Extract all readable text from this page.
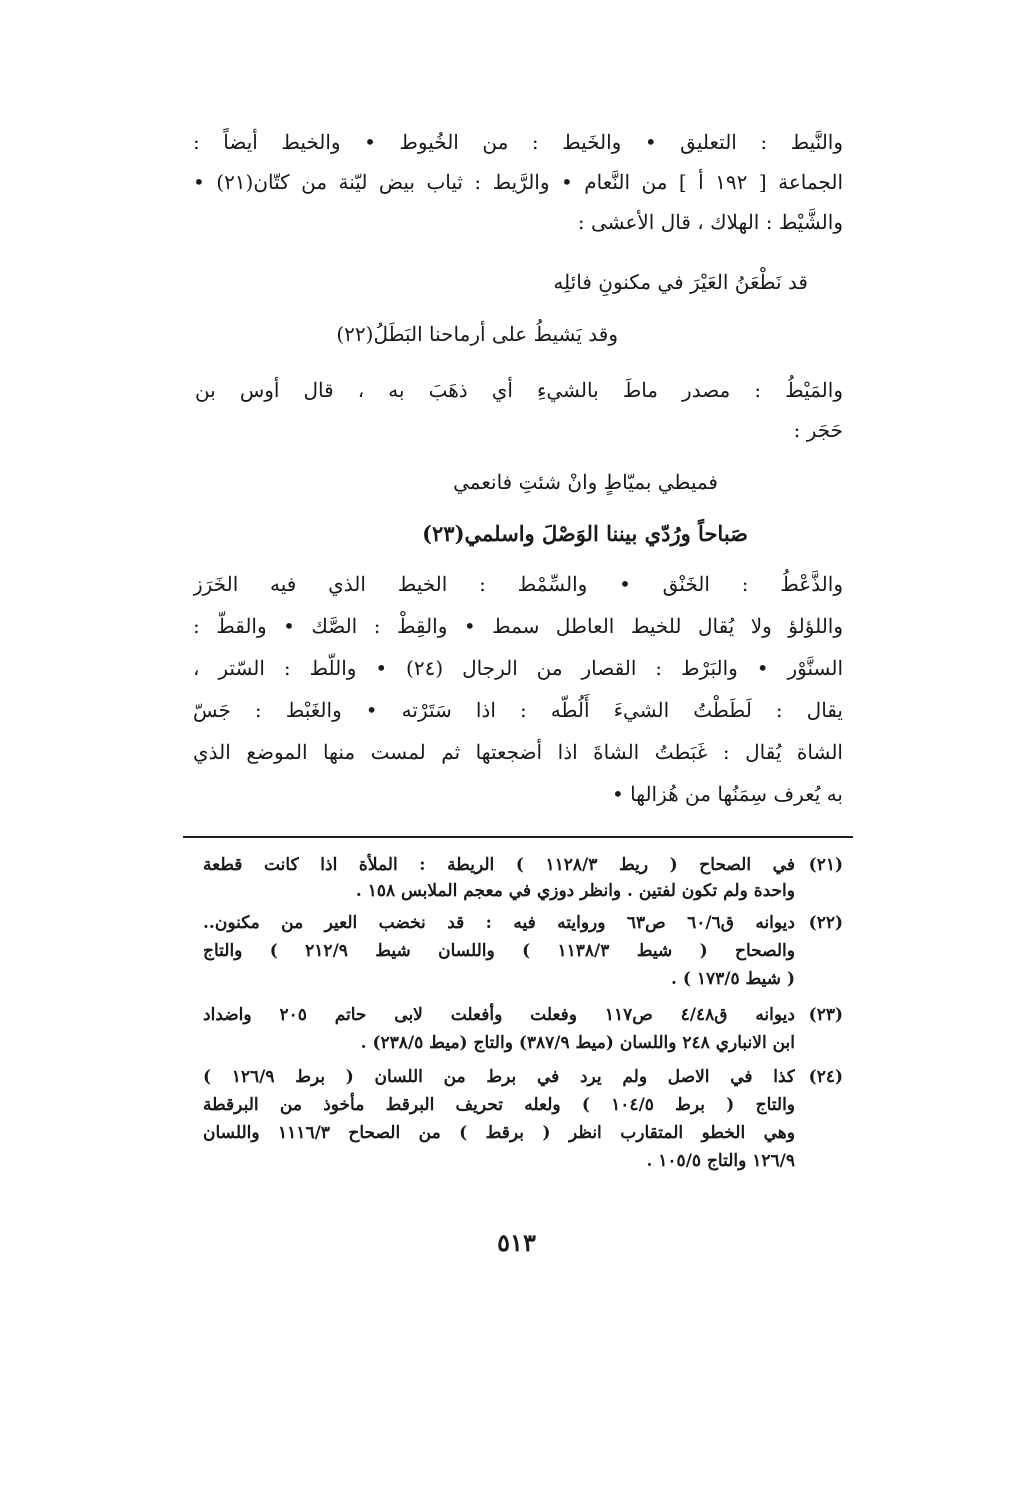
والنَّيط : التعليق • والخَيط : من الخُيوط • والخيط أيضاً :
الجماعة [ ١٩٢ أ ] من النَّعام • والرَّيط : ثياب بيض ليّنة من كتّان(٢١) •
والشَّيْط : الهلاك ، قال الأعشى :
قد نَطْعَنُ العَيْرَ في مكنونِ فائلِه
وقد يَشيطُ على أرماحنا البَطَلُ(٢٢)
والمَيْطُ : مصدر ماطَ بالشيءِ أي ذهَبَ به ، قال أوس بن
حَجَر :
فميطي بميّاطٍ وانْ شئتِ فانعمي
صَباحاً ورُدّي بيننا الوَصْلَ واسلمي(٢٣)
والذَّعْطُ : الخَنْق • والسِّمْط : الخيط الذي فيه الخَرَز
واللؤلؤ ولا يُقال للخيط العاطل سمط • والقِطْ : الصَّك • والقطّ :
السنَّوْر • والبَرْط : القصار من الرجال (٢٤) • واللّط : السّتر ،
يقال : لَطَطْتُ الشيءَ أَلُطّه : اذا سَتَرْته • والغَبْط : جَسّ
الشاة يُقال : غَبَطتُ الشاةَ اذا أضجعتها ثم لمست منها الموضع الذي
به يُعرف سِمَنُها من هُزالها •
(٢١)
في الصحاح ( ريط ١١٢٨/٣ ) الريطة : الملأة اذا كانت قطعة
واحدة ولم تكون لفتين . وانظر دوزي في معجم الملابس ١٥٨ .
(٢٢)
ديوانه ق٦٠/٦ ص٦٣ وروايته فيه : قد نخضب العير من مكنون..
والصحاح ( شيط ١١٣٨/٣ ) واللسان شيط ٢١٢/٩ ) والتاج
( شيط ١٧٣/٥ ) .
(٢٣)
ديوانه ق٤/٤٨ ص١١٧ وفعلت وأفعلت لابى حاتم ٢٠٥ واضداد
ابن الانباري ٢٤٨ واللسان (ميط ٣٨٧/٩) والتاج (ميط ٢٣٨/٥) .
(٢٤)
كذا في الاصل ولم يرد في برط من اللسان ( برط ١٢٦/٩ )
والتاج ( برط ١٠٤/٥ ) ولعله تحريف البرقط مأخوذ من البرقطة
وهي الخطو المتقارب انظر ( برقط ) من الصحاح ١١١٦/٣ واللسان
١٢٦/٩ والتاج ١٠٥/٥ .
٥١٣
